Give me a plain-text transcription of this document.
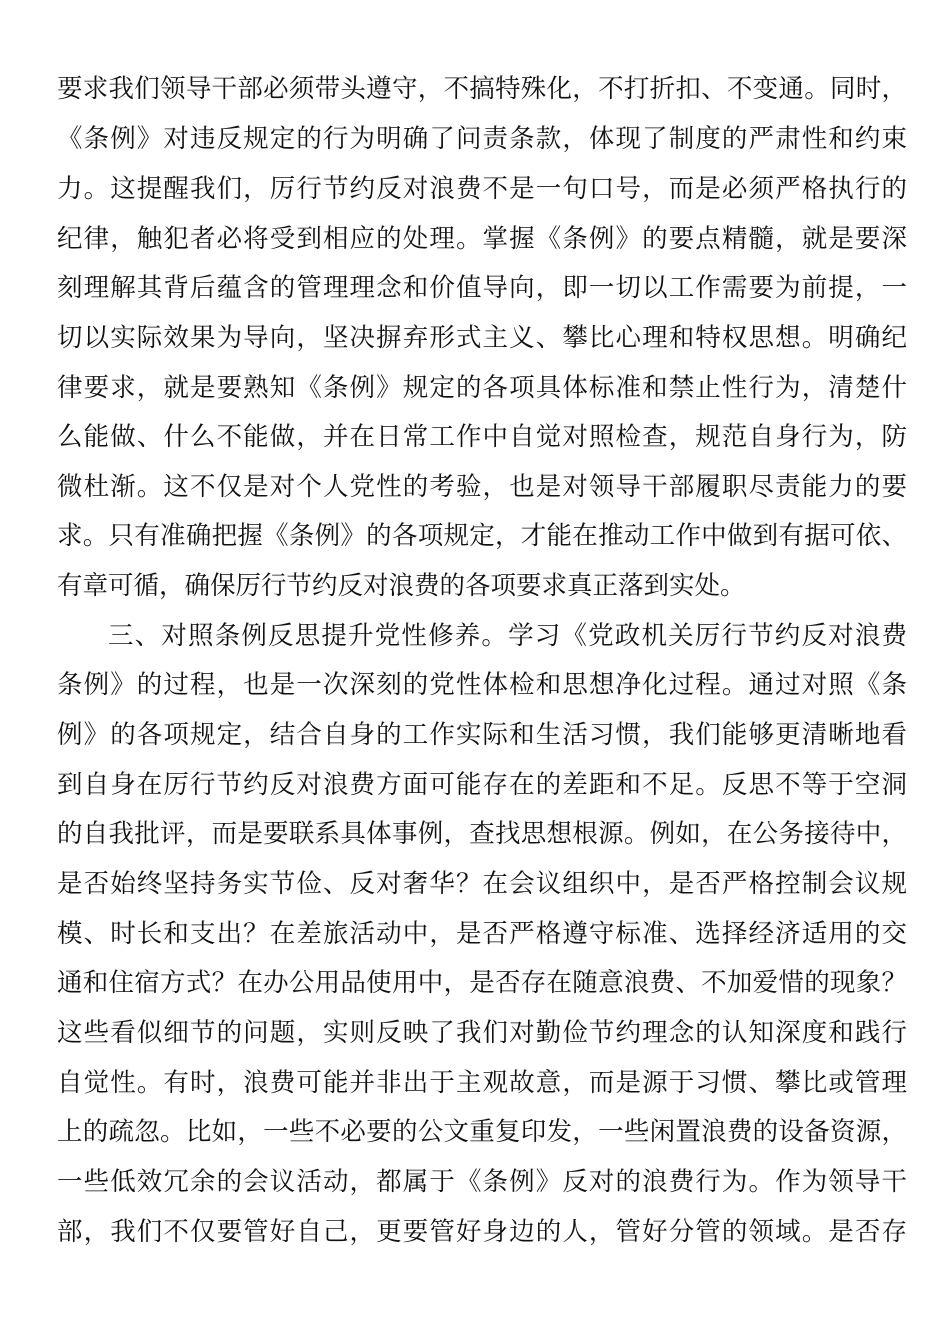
要求我们领导干部必须带头遵守，不搞特殊化，不打折扣、不变通。同时，
《条例》对违反规定的行为明确了问责条款，体现了制度的严肃性和约束
力。这提醒我们，厉行节约反对浪费不是一句口号，而是必须严格执行的
纪律，触犯者必将受到相应的处理。掌握《条例》的要点精髓，就是要深
刻理解其背后蕴含的管理理念和价值导向，即一切以工作需要为前提，一
切以实际效果为导向，坚决摒弃形式主义、攀比心理和特权思想。明确纪
律要求，就是要熟知《条例》规定的各项具体标准和禁止性行为，清楚什
么能做、什么不能做，并在日常工作中自觉对照检查，规范自身行为，防
微杜渐。这不仅是对个人党性的考验，也是对领导干部履职尽责能力的要
求。只有准确把握《条例》的各项规定，才能在推动工作中做到有据可依、
有章可循，确保厉行节约反对浪费的各项要求真正落到实处。
三、对照条例反思提升党性修养。学习《党政机关厉行节约反对浪费
条例》的过程，也是一次深刻的党性体检和思想净化过程。通过对照《条
例》的各项规定，结合自身的工作实际和生活习惯，我们能够更清晰地看
到自身在厉行节约反对浪费方面可能存在的差距和不足。反思不等于空洞
的自我批评，而是要联系具体事例，查找思想根源。例如，在公务接待中，
是否始终坚持务实节俭、反对奢华？在会议组织中，是否严格控制会议规
模、时长和支出？在差旅活动中，是否严格遵守标准、选择经济适用的交
通和住宿方式？在办公用品使用中，是否存在随意浪费、不加爱惜的现象？
这些看似细节的问题，实则反映了我们对勤俭节约理念的认知深度和践行
自觉性。有时，浪费可能并非出于主观故意，而是源于习惯、攀比或管理
上的疏忽。比如，一些不必要的公文重复印发，一些闲置浪费的设备资源，
一些低效冗余的会议活动，都属于《条例》反对的浪费行为。作为领导干
部，我们不仅要管好自己，更要管好身边的人，管好分管的领域。是否存
